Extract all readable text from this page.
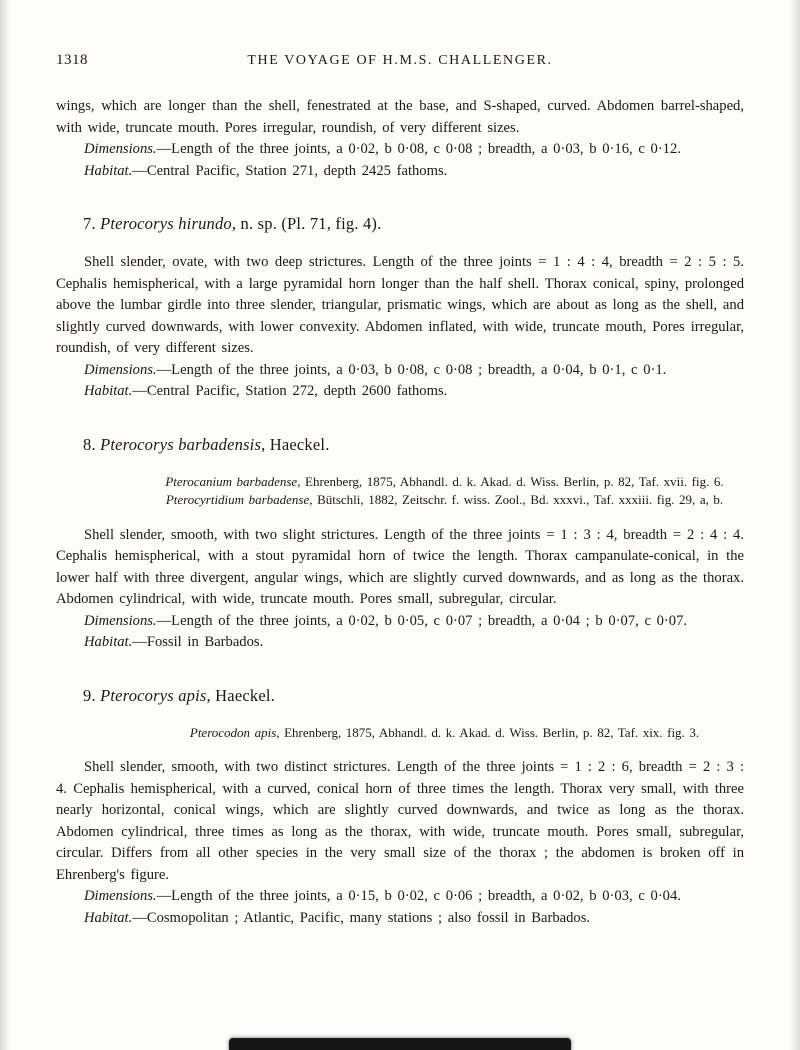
1318	THE VOYAGE OF H.M.S. CHALLENGER.

wings, which are longer than the shell, fenestrated at the base, and S-shaped, curved. Abdomen barrel-shaped, with wide, truncate mouth. Pores irregular, roundish, of very different sizes.

Dimensions.—Length of the three joints, a 0·02, b 0·08, c 0·08 ; breadth, a 0·03, b 0·16, c 0·12.

Habitat.—Central Pacific, Station 271, depth 2425 fathoms.

7. Pterocorys hirundo, n. sp. (Pl. 71, fig. 4).

Shell slender, ovate, with two deep strictures. Length of the three joints = 1 : 4 : 4, breadth = 2 : 5 : 5. Cephalis hemispherical, with a large pyramidal horn longer than the half shell. Thorax conical, spiny, prolonged above the lumbar girdle into three slender, triangular, prismatic wings, which are about as long as the shell, and slightly curved downwards, with lower convexity. Abdomen inflated, with wide, truncate mouth, Pores irregular, roundish, of very different sizes.

Dimensions.—Length of the three joints, a 0·03, b 0·08, c 0·08 ; breadth, a 0·04, b 0·1, c 0·1.

Habitat.—Central Pacific, Station 272, depth 2600 fathoms.

8. Pterocorys barbadensis, Haeckel.

Pterocanium barbadense, Ehrenberg, 1875, Abhandl. d. k. Akad. d. Wiss. Berlin, p. 82, Taf. xvii. fig. 6.

Pterocyrtidium barbadense, Bütschli, 1882, Zeitschr. f. wiss. Zool., Bd. xxxvi., Taf. xxxiii. fig. 29, a, b.

Shell slender, smooth, with two slight strictures. Length of the three joints = 1 : 3 : 4, breadth = 2 : 4 : 4. Cephalis hemispherical, with a stout pyramidal horn of twice the length. Thorax campanulate-conical, in the lower half with three divergent, angular wings, which are slightly curved downwards, and as long as the thorax. Abdomen cylindrical, with wide, truncate mouth. Pores small, subregular, circular.

Dimensions.—Length of the three joints, a 0·02, b 0·05, c 0·07 ; breadth, a 0·04 ; b 0·07, c 0·07.

Habitat.—Fossil in Barbados.

9. Pterocorys apis, Haeckel.

Pterocodon apis, Ehrenberg, 1875, Abhandl. d. k. Akad. d. Wiss. Berlin, p. 82, Taf. xix. fig. 3.

Shell slender, smooth, with two distinct strictures. Length of the three joints = 1 : 2 : 6, breadth = 2 : 3 : 4. Cephalis hemispherical, with a curved, conical horn of three times the length. Thorax very small, with three nearly horizontal, conical wings, which are slightly curved downwards, and twice as long as the thorax. Abdomen cylindrical, three times as long as the thorax, with wide, truncate mouth. Pores small, subregular, circular. Differs from all other species in the very small size of the thorax ; the abdomen is broken off in Ehrenberg's figure.

Dimensions.—Length of the three joints, a 0·15, b 0·02, c 0·06 ; breadth, a 0·02, b 0·03, c 0·04.

Habitat.—Cosmopolitan ; Atlantic, Pacific, many stations ; also fossil in Barbados.
